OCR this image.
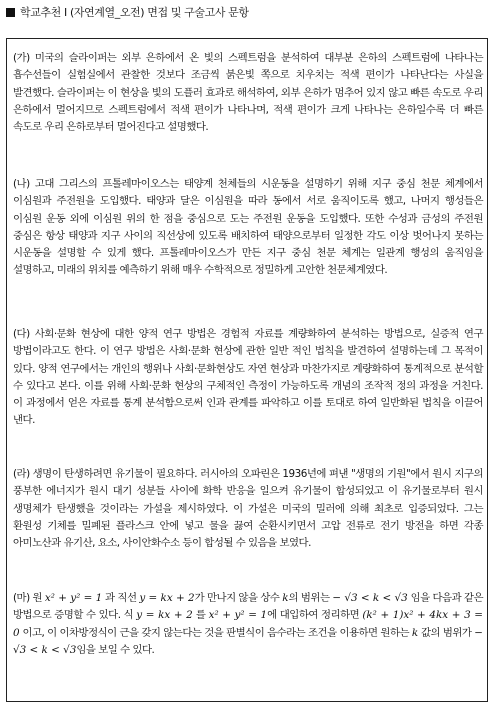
학교추천 I (자연계열_오전) 면접 및 구술고사 문항

(가) 미국의 슬라이퍼는 외부 은하에서 온 빛의 스펙트럼을 분석하여 대부분 은하의 스펙트럼에 나타나는 흡수선들이 실험실에서 관찰한 것보다 조금씩 붉은빛 쪽으로 치우치는 적색 편이가 나타난다는 사실을 발견했다. 슬라이퍼는 이 현상을 빛의 도플러 효과로 해석하여, 외부 은하가 멈추어 있지 않고 빠른 속도로 우리 은하에서 멀어지므로 스펙트럼에서 적색 편이가 나타나며, 적색 편이가 크게 나타나는 은하일수록 더 빠른 속도로 우리 은하로부터 멀어진다고 설명했다.

(나) 고대 그리스의 프톨레마이오스는 태양계 천체들의 시운동을 설명하기 위해 지구 중심 천문 체계에서 이심원과 주전원을 도입했다. 태양과 달은 이심원을 따라 동에서 서로 움직이도록 했고, 나머지 행성들은 이심원 운동 외에 이심원 위의 한 점을 중심으로 도는 주전원 운동을 도입했다. 또한 수성과 금성의 주전원 중심은 항상 태양과 지구 사이의 직선상에 있도록 배치하여 태양으로부터 일정한 각도 이상 벗어나지 못하는 시운동을 설명할 수 있게 했다. 프톨레마이오스가 만든 지구 중심 천문 체계는 일관계 행성의 움직임을 설명하고, 미래의 위치를 예측하기 위해 매우 수학적으로 정밀하게 고안한 천문체계였다.

(다) 사회·문화 현상에 대한 양적 연구 방법은 경험적 자료를 계량화하여 분석하는 방법으로, 실증적 연구 방법이라고도 한다. 이 연구 방법은 사회·문화 현상에 관한 일반 적인 법칙을 발견하여 설명하는데 그 목적이 있다. 양적 연구에서는 개인의 행위나 사회·문화현상도 자연 현상과 마찬가지로 계량화하여 통계적으로 분석할 수 있다고 본다. 이를 위해 사회·문화 현상의 구체적인 측정이 가능하도록 개념의 조작적 정의 과정을 거친다. 이 과정에서 얻은 자료를 통계 분석함으로써 인과 관계를 파악하고 이를 토대로 하여 일반화된 법칙을 이끌어 낸다.

(라) 생명이 탄생하려면 유기물이 필요하다. 러시아의 오파린은 1936년에 펴낸 "생명의 기원"에서 원시 지구의 풍부한 에너지가 원시 대기 성분들 사이에 화학 반응을 일으켜 유기물이 합성되었고 이 유기물로부터 원시 생명체가 탄생했을 것이라는 가설을 제시하였다. 이 가설은 미국의 밀러에 의해 최초로 입증되었다. 그는 환원성 기체를 밀폐된 플라스크 안에 넣고 물을 끓여 순환시키면서 고압 전류로 전기 방전을 하면 각종 아미노산과 유기산, 요소, 사이안화수소 등이 합성될 수 있음을 보였다.

(마) 원 x² + y² = 1 과 직선 y = kx + 2가 만나지 않을 상수 k의 범위는 − √3 < k < √3 임을 다음과 같은 방법으로 증명할 수 있다. 식 y = kx + 2 를 x² + y² = 1에 대입하여 정리하면 (k² + 1)x² + 4kx + 3 = 0 이고, 이 이차방정식이 근을 갖지 않는다는 것을 판별식이 음수라는 조건을 이용하면 원하는 k 값의 범위가 − √3 < k < √3임을 보일 수 있다.
